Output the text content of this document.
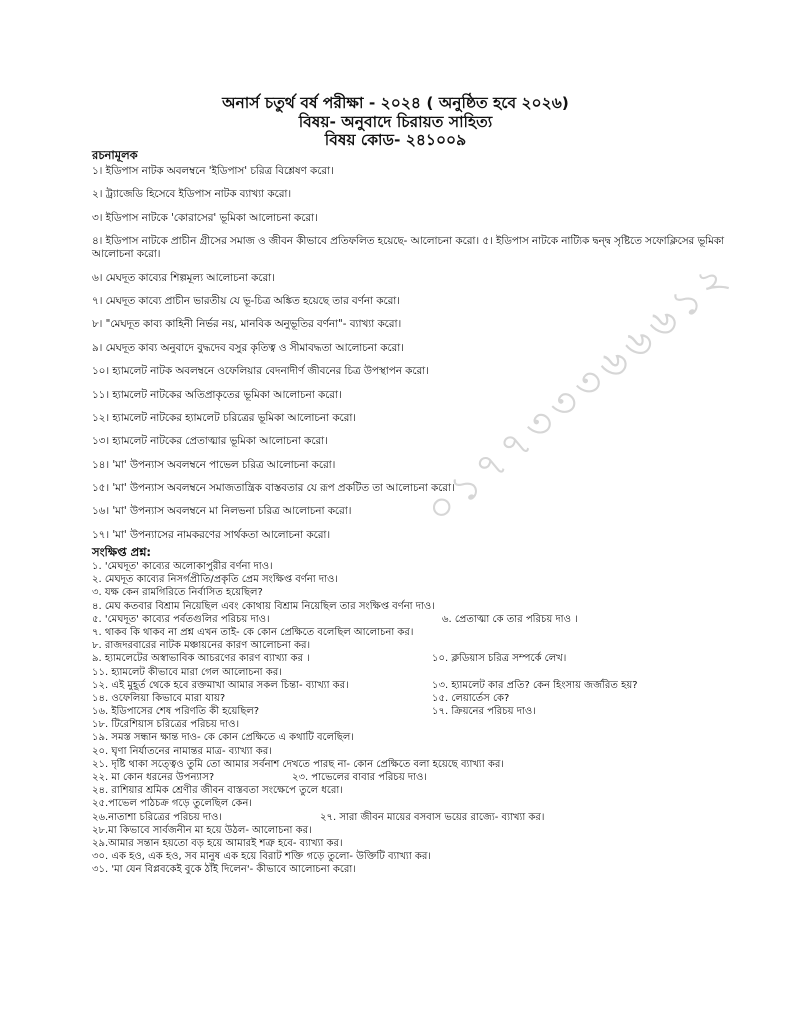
০১৭৭৩৩৩৬৬৬১২
অনার্স চতুর্থ বর্ষ পরীক্ষা - ২০২৪ ( অনুষ্ঠিত হবে ২০২৬)
বিষয়- অনুবাদে চিরায়ত সাহিত্য
বিষয় কোড- ২৪১০০৯
রচনামূলক
১। ইডিপাস নাটক অবলম্বনে 'ইডিপাস' চরিত্র বিশ্লেষণ করো।
২। ট্র্যাজেডি হিসেবে ইডিপাস নাটক ব্যাখ্যা করো।
৩। ইডিপাস নাটকে 'কোরাসের' ভূমিকা আলোচনা করো।
৪। ইডিপাস নাটকে প্রাচীন গ্রীসের সমাজ ও জীবন কীভাবে প্রতিফলিত হয়েছে- আলোচনা করো। ৫। ইডিপাস নাটকে নাট্যিক দ্বন্দ্ব সৃষ্টিতে সফোক্লিসের ভূমিকা আলোচনা করো।
৬। মেঘদূত কাব্যের শিল্পমূল্য আলোচনা করো।
৭। মেঘদূত কাব্যে প্রাচীন ভারতীয় যে ভূ-চিত্র অঙ্কিত হয়েছে তার বর্ণনা করো।
৮। "মেঘদূত কাব্য কাহিনী নির্ভর নয়, মানবিক অনুভূতির বর্ণনা"- ব্যাখ্যা করো।
৯। মেঘদূত কাব্য অনুবাদে বুদ্ধদেব বসুর কৃতিত্ব ও সীমাবদ্ধতা আলোচনা করো।
১০। হ্যামলেট নাটক অবলম্বনে ওফেলিয়ার বেদনাদীর্ণ জীবনের চিত্র উপস্থাপন করো।
১১। হ্যামলেট নাটকের অতিপ্রাকৃতের ভূমিকা আলোচনা করো।
১২। হ্যামলেট নাটকের হ্যামলেট চরিত্রের ভূমিকা আলোচনা করো।
১৩। হ্যামলেট নাটকের প্রেতাত্মার ভূমিকা আলোচনা করো।
১৪। 'মা' উপন্যাস অবলম্বনে পাভেল চরিত্র আলোচনা করো।
১৫। 'মা' উপন্যাস অবলম্বনে সমাজতান্ত্রিক বাস্তবতার যে রূপ প্রকটিত তা আলোচনা করো।
১৬। 'মা' উপন্যাস অবলম্বনে মা নিলভনা চরিত্র আলোচনা করো।
১৭। 'মা' উপন্যাসের নামকরণের সার্থকতা আলোচনা করো।
সংক্ষিপ্ত প্রশ্ন:
১. 'মেঘদূত' কাব্যের অলোকাপুরীর বর্ণনা দাও।
২. মেঘদূত কাব্যের নিসর্গপ্রীতি/প্রকৃতি প্রেম সংক্ষিপ্ত বর্ণনা দাও।
৩. যক্ষ কেন রামগিরিতে নির্বাসিত হয়েছিল?
৪. মেঘ কতবার বিশ্রাম নিয়েছিল এবং কোথায় বিশ্রাম নিয়েছিল তার সংক্ষিপ্ত বর্ণনা দাও।
৫. 'মেঘদূত' কাব্যের পর্বতগুলির পরিচয় দাও।	৬. প্রেতাত্মা কে তার পরিচয় দাও ।
৭. থাকব কি থাকব না প্রশ্ন এখন তাই- কে কোন প্রেক্ষিতে বলেছিল আলোচনা কর।
৮. রাজদরবারের নাটক মঞ্চায়নের কারণ আলোচনা কর।
৯. হ্যামলেটের অস্বাভাবিক আচরণের কারণ ব্যাখ্যা কর ।	১০. ক্লডিয়াস চরিত্র সম্পর্কে লেখ।
১১. হ্যামলেট কীভাবে মারা গেল আলোচনা কর।
১২. এই মুহূর্ত থেকে হবে রক্তমাখা আমার সকল চিন্তা- ব্যাখ্যা কর।	১৩. হ্যামলেট কার প্রতি? কেন হিংসায় জর্জরিত হয়?
১৪. ওফেলিয়া কিভাবে মারা যায়?	১৫. লেয়ার্তেস কে?
১৬. ইডিপাসের শেষ পরিণতি কী হয়েছিল?	১৭. ক্রিয়নের পরিচয় দাও।
১৮. টিরেশিয়াস চরিত্রের পরিচয় দাও।
১৯. সমস্ত সন্ধান ক্ষান্ত দাও- কে কোন প্রেক্ষিতে এ কথাটি বলেছিল।
২০. ঘৃণা নির্যাতনের নামান্তর মাত্র- ব্যাখ্যা কর।
২১. দৃষ্টি থাকা সত্ত্বেও তুমি তো আমার সর্বনাশ দেখতে পারছ না- কোন প্রেক্ষিতে বলা হয়েছে ব্যাখ্যা কর।
২২. মা কোন ধরনের উপন্যাস?	২৩. পাভেলের বাবার পরিচয় দাও।
২৪. রাশিয়ার শ্রমিক শ্রেণীর জীবন বাস্তবতা সংক্ষেপে তুলে ধরো।
২৫.পাভেল পাঠচক্র গড়ে তুলেছিল কেন।
২৬.নাতাশা চরিত্রের পরিচয় দাও।	২৭. সারা জীবন মায়ের বসবাস ভয়ের রাজ্যে- ব্যাখ্যা কর।
২৮.মা কিভাবে সার্বজনীন মা হয়ে উঠল- আলোচনা কর।
২৯.আমার সন্তান হয়তো বড় হয়ে আমারই শত্রু হবে- ব্যাখ্যা কর।
৩০. এক হও, এক হও, সব মানুষ এক হয়ে বিরাট শক্তি গড়ে তুলো- উক্তিটি ব্যাখ্যা কর।
৩১. 'মা যেন বিপ্লবকেই বুকে ঠাঁই দিলেন'- কীভাবে আলোচনা করো।
